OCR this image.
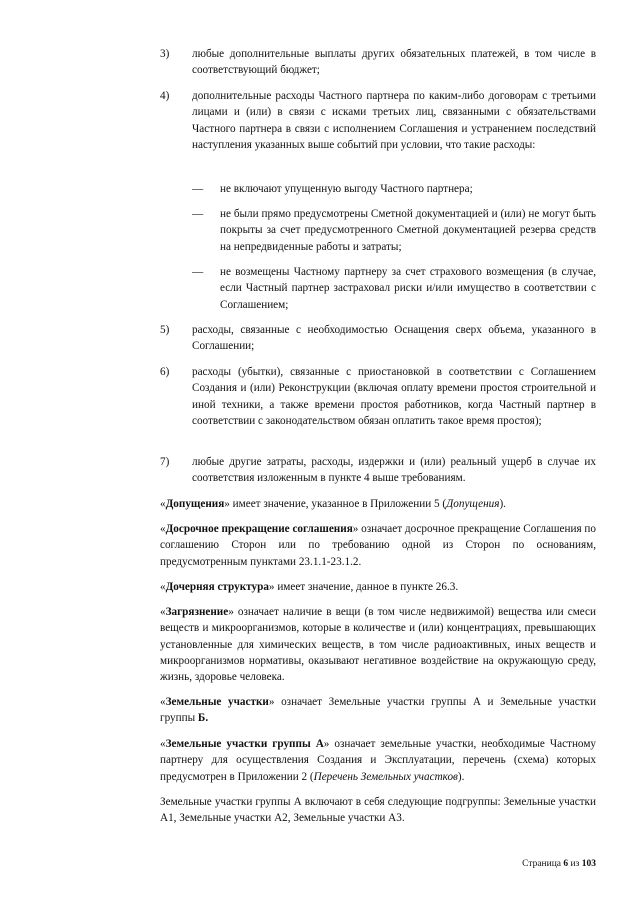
3) любые дополнительные выплаты других обязательных платежей, в том числе в соответствующий бюджет;
4) дополнительные расходы Частного партнера по каким-либо договорам с третьими лицами и (или) в связи с исками третьих лиц, связанными с обязательствами Частного партнера в связи с исполнением Соглашения и устранением последствий наступления указанных выше событий при условии, что такие расходы:
— не включают упущенную выгоду Частного партнера;
— не были прямо предусмотрены Сметной документацией и (или) не могут быть покрыты за счет предусмотренного Сметной документацией резерва средств на непредвиденные работы и затраты;
— не возмещены Частному партнеру за счет страхового возмещения (в случае, если Частный партнер застраховал риски и/или имущество в соответствии с Соглашением;
5) расходы, связанные с необходимостью Оснащения сверх объема, указанного в Соглашении;
6) расходы (убытки), связанные с приостановкой в соответствии с Соглашением Создания и (или) Реконструкции (включая оплату времени простоя строительной и иной техники, а также времени простоя работников, когда Частный партнер в соответствии с законодательством обязан оплатить такое время простоя);
7) любые другие затраты, расходы, издержки и (или) реальный ущерб в случае их соответствия изложенным в пункте 4 выше требованиям.
«Допущения» имеет значение, указанное в Приложении 5 (Допущения).
«Досрочное прекращение соглашения» означает досрочное прекращение Соглашения по соглашению Сторон или по требованию одной из Сторон по основаниям, предусмотренным пунктами 23.1.1-23.1.2.
«Дочерняя структура» имеет значение, данное в пункте 26.3.
«Загрязнение» означает наличие в вещи (в том числе недвижимой) вещества или смеси веществ и микроорганизмов, которые в количестве и (или) концентрациях, превышающих установленные для химических веществ, в том числе радиоактивных, иных веществ и микроорганизмов нормативы, оказывают негативное воздействие на окружающую среду, жизнь, здоровье человека.
«Земельные участки» означает Земельные участки группы А и Земельные участки группы Б.
«Земельные участки группы А» означает земельные участки, необходимые Частному партнеру для осуществления Создания и Эксплуатации, перечень (схема) которых предусмотрен в Приложении 2 (Перечень Земельных участков).
Земельные участки группы А включают в себя следующие подгруппы: Земельные участки А1, Земельные участки А2, Земельные участки А3.
Страница 6 из 103
